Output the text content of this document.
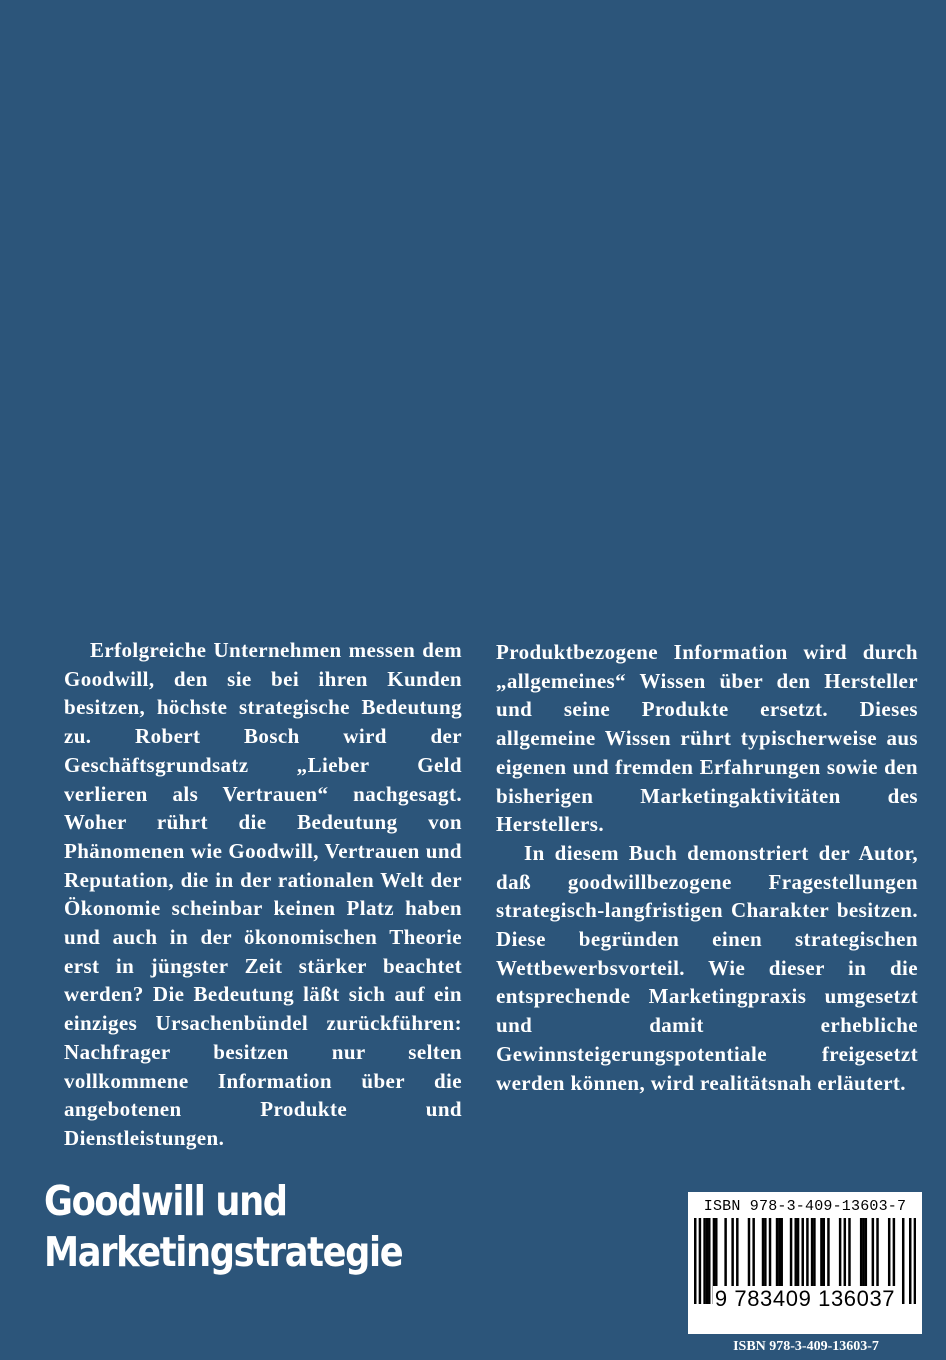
Erfolgreiche Unternehmen messen dem Goodwill, den sie bei ihren Kunden besitzen, höchste strategische Bedeutung zu. Robert Bosch wird der Geschäftsgrundsatz „Lieber Geld verlieren als Vertrauen“ nachgesagt. Woher rührt die Bedeutung von Phänomenen wie Goodwill, Vertrauen und Reputation, die in der rationalen Welt der Ökonomie scheinbar keinen Platz haben und auch in der ökonomischen Theorie erst in jüngster Zeit stärker beachtet werden? Die Bedeutung läßt sich auf ein einziges Ursachenbündel zurückführen: Nachfrager besitzen nur selten vollkommene Information über die angebotenen Produkte und Dienstleistungen.

Produktbezogene Information wird durch „allgemeines“ Wissen über den Hersteller und seine Produkte ersetzt. Dieses allgemeine Wissen rührt typischerweise aus eigenen und fremden Erfahrungen sowie den bisherigen Marketingaktivitäten des Herstellers.

In diesem Buch demonstriert der Autor, daß goodwillbezogene Fragestellungen strategisch-langfristigen Charakter besitzen. Diese begründen einen strategischen Wettbewerbsvorteil. Wie dieser in die entsprechende Marketingpraxis umgesetzt und damit erhebliche Gewinnsteigerungspotentiale freigesetzt werden können, wird realitätsnah erläutert.

Goodwill und
Marketingstrategie
ISBN 978-3-409-13603-7
9 783409 136037
ISBN 978-3-409-13603-7
